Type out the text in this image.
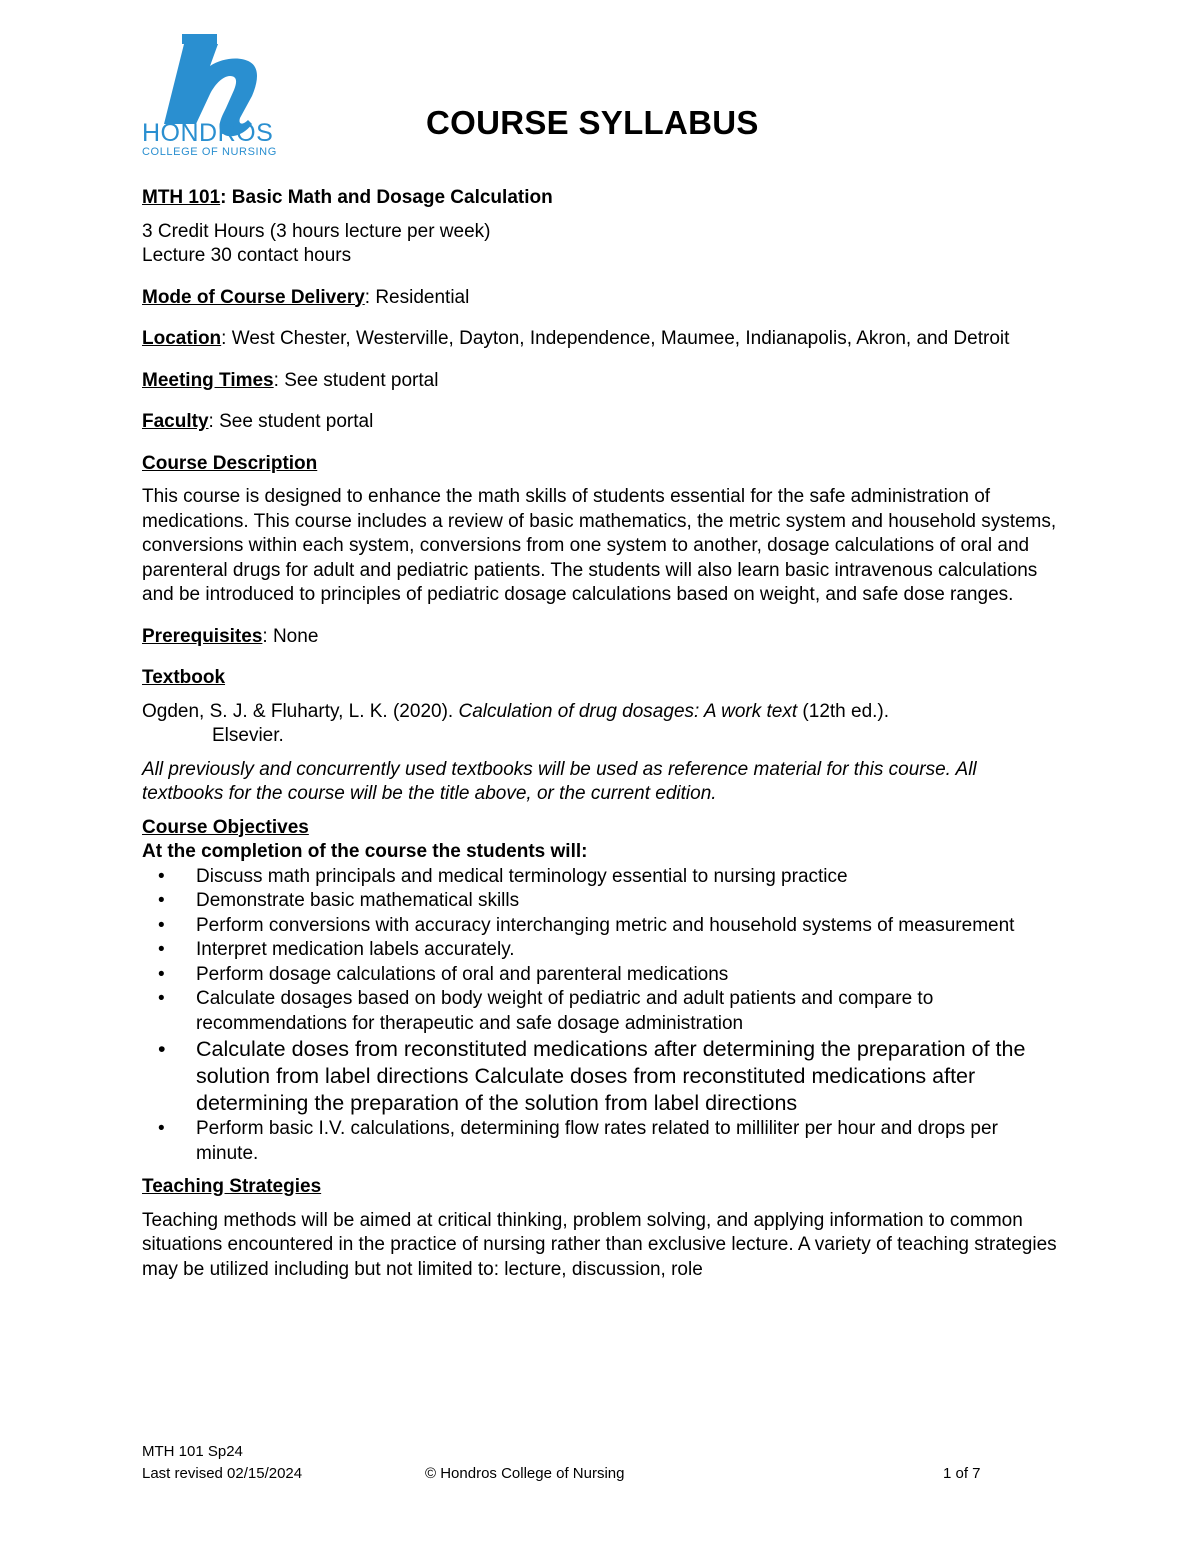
HONDROS
COLLEGE OF NURSING
COURSE SYLLABUS

MTH 101: Basic Math and Dosage Calculation

3 Credit Hours (3 hours lecture per week)

Lecture 30 contact hours

Mode of Course Delivery: Residential

Location: West Chester, Westerville, Dayton, Independence, Maumee, Indianapolis, Akron, and Detroit

Meeting Times: See student portal

Faculty: See student portal

Course Description

This course is designed to enhance the math skills of students essential for the safe administration of medications. This course includes a review of basic mathematics, the metric system and household systems, conversions within each system, conversions from one system to another, dosage calculations of oral and parenteral drugs for adult and pediatric patients. The students will also learn basic intravenous calculations and be introduced to principles of pediatric dosage calculations based on weight, and safe dose ranges.

Prerequisites: None

Textbook

Ogden, S. J. & Fluharty, L. K. (2020). Calculation of drug dosages: A work text (12th ed.).

Elsevier.

All previously and concurrently used textbooks will be used as reference material for this course. All textbooks for the course will be the title above, or the current edition.

Course Objectives

At the completion of the course the students will:

• Discuss math principals and medical terminology essential to nursing practice
• Demonstrate basic mathematical skills
• Perform conversions with accuracy interchanging metric and household systems of measurement
• Interpret medication labels accurately.
• Perform dosage calculations of oral and parenteral medications
• Calculate dosages based on body weight of pediatric and adult patients and compare to recommendations for therapeutic and safe dosage administration
• Calculate doses from reconstituted medications after determining the preparation of the solution from label directions Calculate doses from reconstituted medications after determining the preparation of the solution from label directions
• Perform basic I.V. calculations, determining flow rates related to milliliter per hour and drops per minute.

Teaching Strategies

Teaching methods will be aimed at critical thinking, problem solving, and applying information to common situations encountered in the practice of nursing rather than exclusive lecture. A variety of teaching strategies may be utilized including but not limited to: lecture, discussion, role

MTH 101 Sp24
Last revised 02/15/2024	© Hondros College of Nursing	1 of 7
